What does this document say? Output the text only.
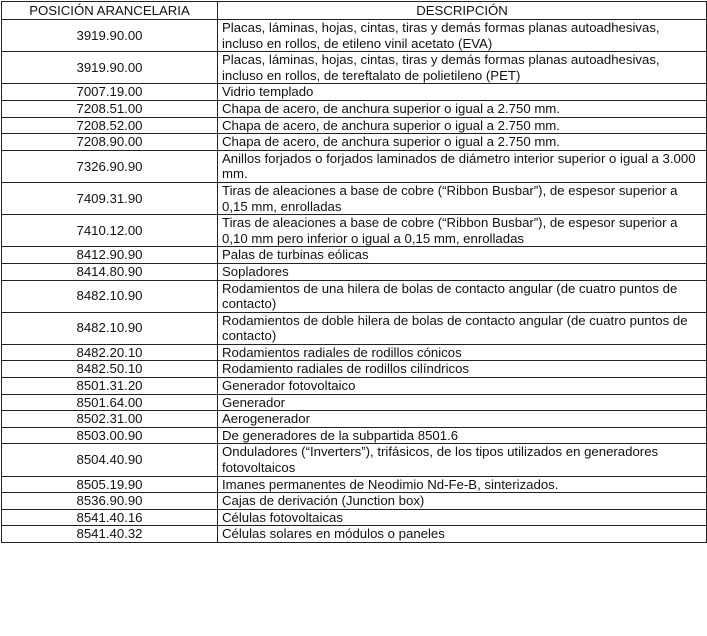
POSICIÓN ARANCELARIA	DESCRIPCIÓN
3919.90.00	Placas, láminas, hojas, cintas, tiras y demás formas planas autoadhesivas, incluso en rollos, de etileno vinil acetato (EVA)
3919.90.00	Placas, láminas, hojas, cintas, tiras y demás formas planas autoadhesivas, incluso en rollos, de tereftalato de polietileno (PET)
7007.19.00	Vidrio templado
7208.51.00	Chapa de acero, de anchura superior o igual a 2.750 mm.
7208.52.00	Chapa de acero, de anchura superior o igual a 2.750 mm.
7208.90.00	Chapa de acero, de anchura superior o igual a 2.750 mm.
7326.90.90	Anillos forjados o forjados laminados de diámetro interior superior o igual a 3.000 mm.
7409.31.90	Tiras de aleaciones a base de cobre (“Ribbon Busbar”), de espesor superior a 0,15 mm, enrolladas
7410.12.00	Tiras de aleaciones a base de cobre (“Ribbon Busbar”), de espesor superior a 0,10 mm pero inferior o igual a 0,15 mm, enrolladas
8412.90.90	Palas de turbinas eólicas
8414.80.90	Sopladores
8482.10.90	Rodamientos de una hilera de bolas de contacto angular (de cuatro puntos de contacto)
8482.10.90	Rodamientos de doble hilera de bolas de contacto angular (de cuatro puntos de contacto)
8482.20.10	Rodamientos radiales de rodillos cónicos
8482.50.10	Rodamiento radiales de rodillos cilíndricos
8501.31.20	Generador fotovoltaico
8501.64.00	Generador
8502.31.00	Aerogenerador
8503.00.90	De generadores de la subpartida 8501.6
8504.40.90	Onduladores (“Inverters”), trifásicos, de los tipos utilizados en generadores fotovoltaicos
8505.19.90	Imanes permanentes de Neodimio Nd-Fe-B, sinterizados.
8536.90.90	Cajas de derivación (Junction box)
8541.40.16	Células fotovoltaicas
8541.40.32	Células solares en módulos o paneles
